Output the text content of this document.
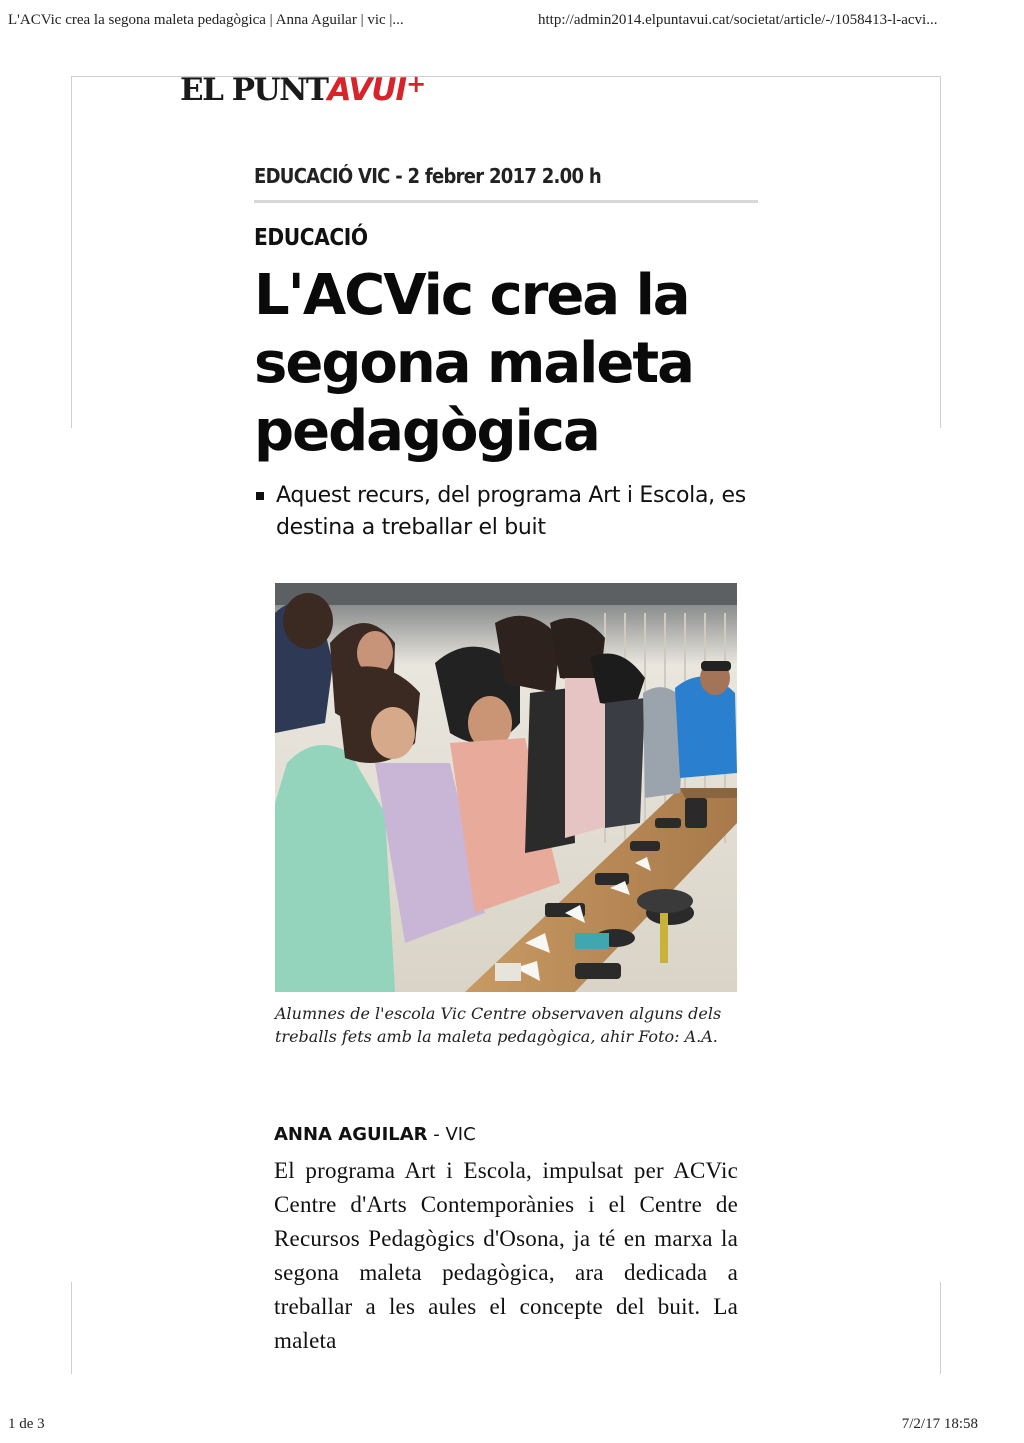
L'ACVic crea la segona maleta pedagògica | Anna Aguilar | vic |...	http://admin2014.elpuntavui.cat/societat/article/-/1058413-l-acvi...
EL PUNTAVUI+
EDUCACIÓ VIC - 2 febrer 2017 2.00 h
EDUCACIÓ
L'ACVic crea la segona maleta pedagògica

Aquest recurs, del programa Art i Escola, es destina a treballar el buit

Alumnes de l'escola Vic Centre observaven alguns dels treballs fets amb la maleta pedagògica, ahir Foto: A.A.

ANNA AGUILAR - VIC

El programa Art i Escola, impulsat per ACVic Centre d'Arts Contemporànies i el Centre de Recursos Pedagògics d'Osona, ja té en marxa la segona maleta pedagògica, ara dedicada a treballar a les aules el concepte del buit. La maleta

1 de 3	7/2/17 18:58
